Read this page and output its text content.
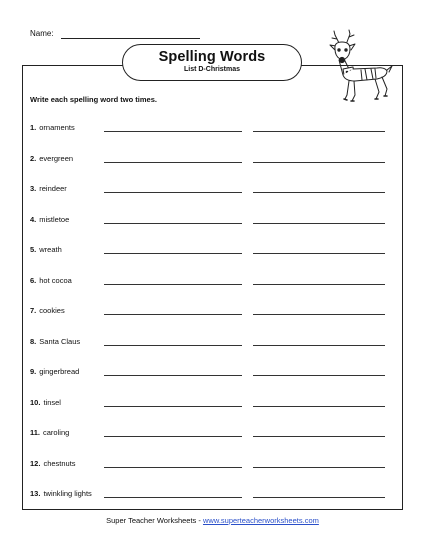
Name:
Spelling Words
List D-Christmas
Write each spelling word two times.
1. ornaments
2. evergreen
3. reindeer
4. mistletoe
5. wreath
6. hot cocoa
7. cookies
8. Santa Claus
9. gingerbread
10. tinsel
11. caroling
12. chestnuts
13. twinkling lights
Super Teacher Worksheets - www.superteacherworksheets.com
